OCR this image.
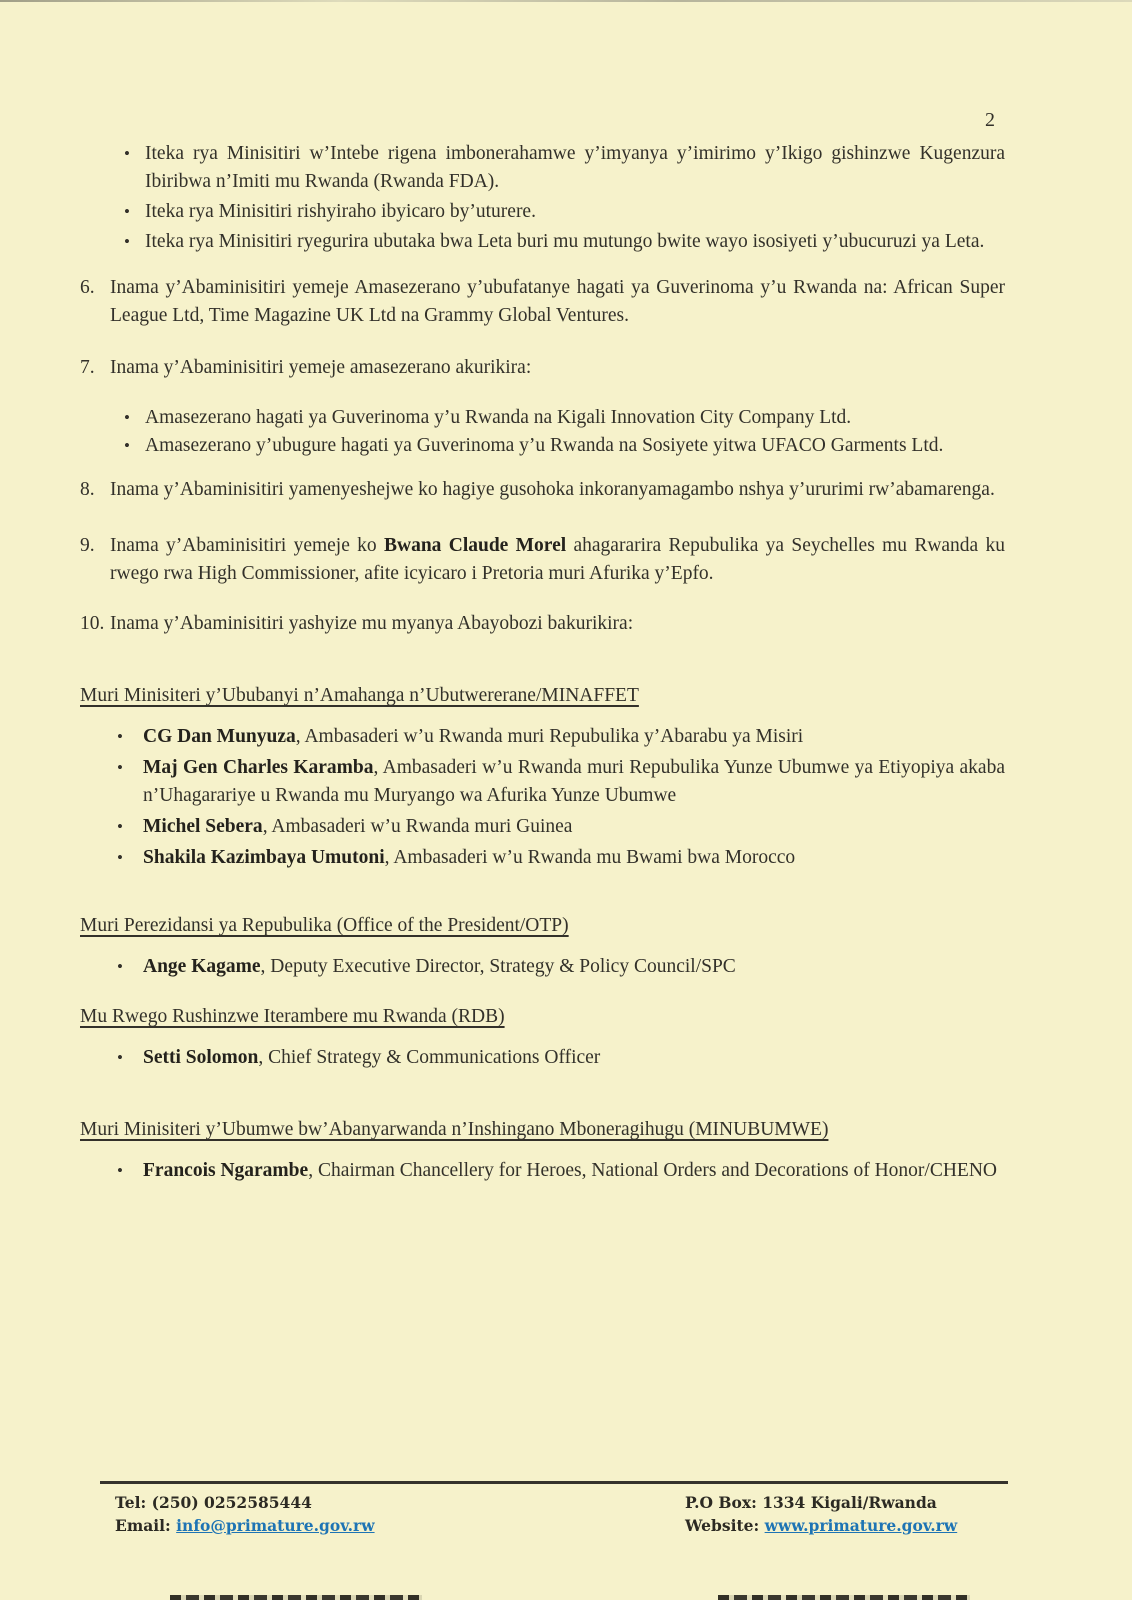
2
• Iteka rya Minisitiri w’Intebe rigena imbonerahamwe y’imyanya y’imirimo y’Ikigo gishinzwe Kugenzura Ibiribwa n’Imiti mu Rwanda (Rwanda FDA).
• Iteka rya Minisitiri rishyiraho ibyicaro by’uturere.
• Iteka rya Minisitiri ryegurira ubutaka bwa Leta buri mu mutungo bwite wayo isosiyeti y’ubucuruzi ya Leta.
6. Inama y’Abaminisitiri yemeje Amasezerano y’ubufatanye hagati ya Guverinoma y’u Rwanda na: African Super League Ltd, Time Magazine UK Ltd na Grammy Global Ventures.
7. Inama y’Abaminisitiri yemeje amasezerano akurikira:
• Amasezerano hagati ya Guverinoma y’u Rwanda na Kigali Innovation City Company Ltd.
• Amasezerano y’ubugure hagati ya Guverinoma y’u Rwanda na Sosiyete yitwa UFACO Garments Ltd.
8. Inama y’Abaminisitiri yamenyeshejwe ko hagiye gusohoka inkoranyamagambo nshya y’ururimi rw’abamarenga.
9. Inama y’Abaminisitiri yemeje ko Bwana Claude Morel ahagararira Repubulika ya Seychelles mu Rwanda ku rwego rwa High Commissioner, afite icyicaro i Pretoria muri Afurika y’Epfo.
10. Inama y’Abaminisitiri yashyize mu myanya Abayobozi bakurikira:
Muri Minisiteri y’Ububanyi n’Amahanga n’Ubutwererane/MINAFFET
• CG Dan Munyuza, Ambasaderi w’u Rwanda muri Repubulika y’Abarabu ya Misiri
• Maj Gen Charles Karamba, Ambasaderi w’u Rwanda muri Repubulika Yunze Ubumwe ya Etiyopiya akaba n’Uhagarariye u Rwanda mu Muryango wa Afurika Yunze Ubumwe
• Michel Sebera, Ambasaderi w’u Rwanda muri Guinea
• Shakila Kazimbaya Umutoni, Ambasaderi w’u Rwanda mu Bwami bwa Morocco
Muri Perezidansi ya Repubulika (Office of the President/OTP)
• Ange Kagame, Deputy Executive Director, Strategy & Policy Council/SPC
Mu Rwego Rushinzwe Iterambere mu Rwanda (RDB)
• Setti Solomon, Chief Strategy & Communications Officer
Muri Minisiteri y’Ubumwe bw’Abanyarwanda n’Inshingano Mboneragihugu (MINUBUMWE)
• Francois Ngarambe, Chairman Chancellery for Heroes, National Orders and Decorations of Honor/CHENO
Tel: (250) 0252585444
Email: info@primature.gov.rw
P.O Box: 1334 Kigali/Rwanda
Website: www.primature.gov.rw
